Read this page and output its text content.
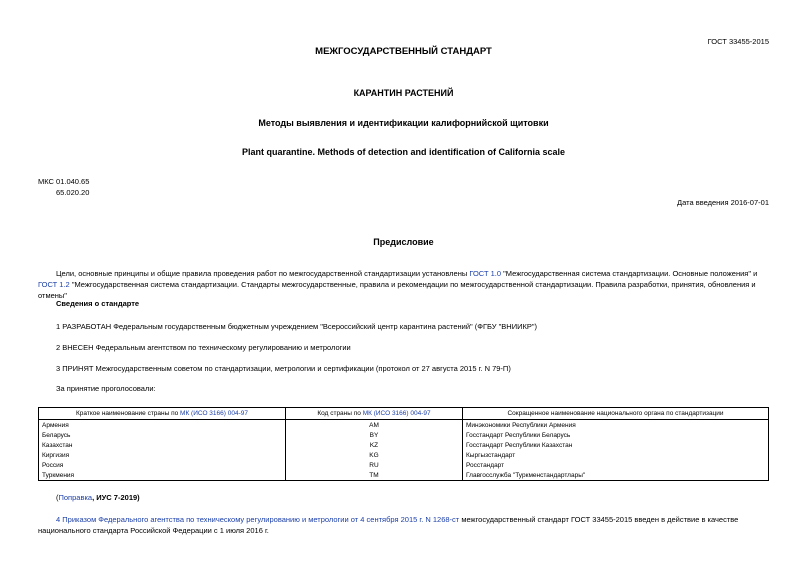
ГОСТ 33455-2015
МЕЖГОСУДАРСТВЕННЫЙ СТАНДАРТ
КАРАНТИН РАСТЕНИЙ
Методы выявления и идентификации калифорнийской щитовки
Plant quarantine. Methods of detection and identification of California scale
МКС 01.040.65
65.020.20
Дата введения 2016-07-01
Предисловие
Цели, основные принципы и общие правила проведения работ по межгосударственной стандартизации установлены ГОСТ 1.0 "Межгосударственная система стандартизации. Основные положения" и ГОСТ 1.2 "Межгосударственная система стандартизации. Стандарты межгосударственные, правила и рекомендации по межгосударственной стандартизации. Правила разработки, принятия, обновления и отмены"
Сведения о стандарте
1 РАЗРАБОТАН Федеральным государственным бюджетным учреждением "Всероссийский центр карантина растений" (ФГБУ "ВНИИКР")
2 ВНЕСЕН Федеральным агентством по техническому регулированию и метрологии
3 ПРИНЯТ Межгосударственным советом по стандартизации, метрологии и сертификации (протокол от 27 августа 2015 г. N 79-П)
За принятие проголосовали:
Краткое наименование страны по МК (ИСО 3166) 004-97	Код страны по МК (ИСО 3166) 004-97	Сокращенное наименование национального органа по стандартизации
Армения	AM	Минэкономики Республики Армения
Беларусь	BY	Госстандарт Республики Беларусь
Казахстан	KZ	Госстандарт Республики Казахстан
Киргизия	KG	Кыргызстандарт
Россия	RU	Росстандарт
Туркмения	TM	Главгосслужба "Туркменстандартлары"
(Поправка, ИУС 7-2019)
4 Приказом Федерального агентства по техническому регулированию и метрологии от 4 сентября 2015 г. N 1268-ст межгосударственный стандарт ГОСТ 33455-2015 введен в действие в качестве национального стандарта Российской Федерации с 1 июля 2016 г.
